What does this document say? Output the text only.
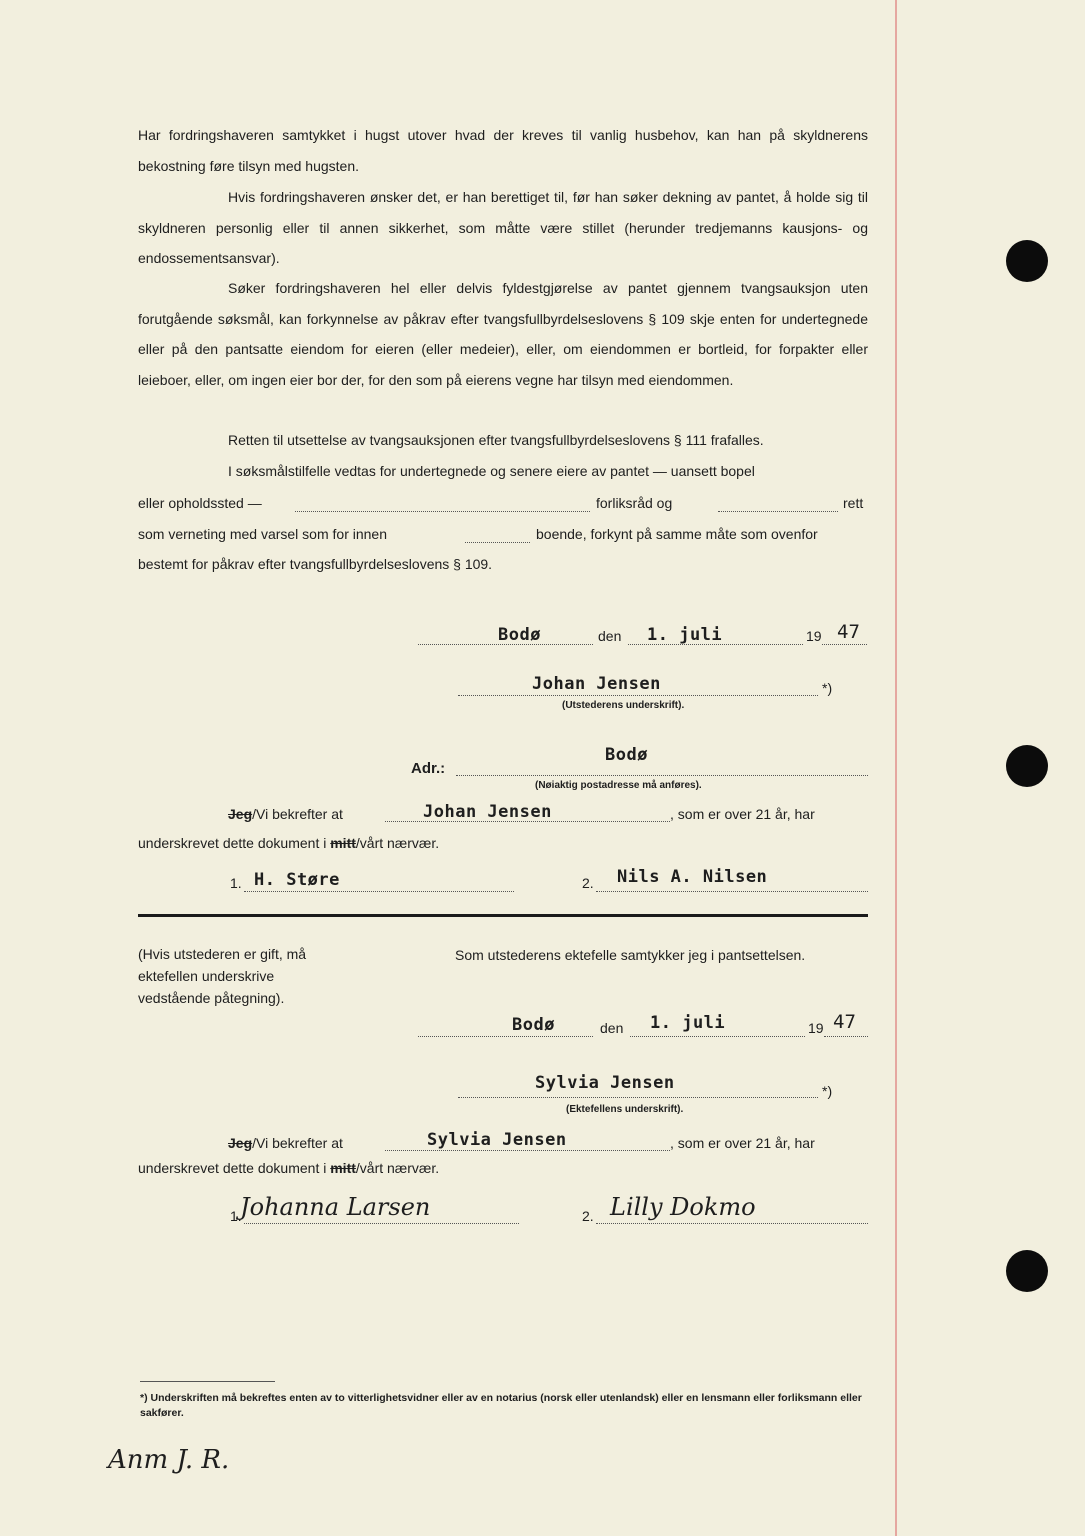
Har fordringshaveren samtykket i hugst utover hvad der kreves til vanlig husbehov, kan han på skyldnerens bekostning føre tilsyn med hugsten.
Hvis fordringshaveren ønsker det, er han berettiget til, før han søker dekning av pantet, å holde sig til skyldneren personlig eller til annen sikkerhet, som måtte være stillet (herunder tredjemanns kausjons- og endossementsansvar).
Søker fordringshaveren hel eller delvis fyldestgjørelse av pantet gjennem tvangsauksjon uten forutgående søksmål, kan forkynnelse av påkrav efter tvangsfullbyrdelseslovens § 109 skje enten for undertegnede eller på den pantsatte eiendom for eieren (eller medeier), eller, om eiendommen er bortleid, for forpakter eller leieboer, eller, om ingen eier bor der, for den som på eierens vegne har tilsyn med eiendommen.
Retten til utsettelse av tvangsauksjonen efter tvangsfullbyrdelseslovens § 111 frafalles.
I søksmålstilfelle vedtas for undertegnede og senere eiere av pantet — uansett bopel
eller opholdssted —	forliksråd og	rett
som verneting med varsel som for innen	boende, forkynt på samme måte som ovenfor
bestemt for påkrav efter tvangsfullbyrdelseslovens § 109.
Bodø	den 1. juli	19 47
Johan Jensen	*)
(Utstederens underskrift).
Adr.:
Bodø
(Nøiaktig postadresse må anføres).
Jeg/Vi bekrefter at	Johan Jensen	, som er over 21 år, har
underskrevet dette dokument i mitt/vårt nærvær.
1. H. Støre	2. Nils A. Nilsen
(Hvis utstederen er gift, må ektefellen underskrive vedstående påtegning).
Som utstederens ektefelle samtykker jeg i pantsettelsen.
Bodø	den 1. juli	19 47
Sylvia Jensen	*)
(Ektefellens underskrift).
Jeg/Vi bekrefter at	Sylvia Jensen	, som er over 21 år, har
underskrevet dette dokument i mitt/vårt nærvær.
1.
Johanna Larsen	2. Lilly Dokmo
*) Underskriften må bekreftes enten av to vitterlighetsvidner eller av en notarius (norsk eller utenlandsk) eller en lensmann eller forliksmann eller sakfører.
Anm J. R.
